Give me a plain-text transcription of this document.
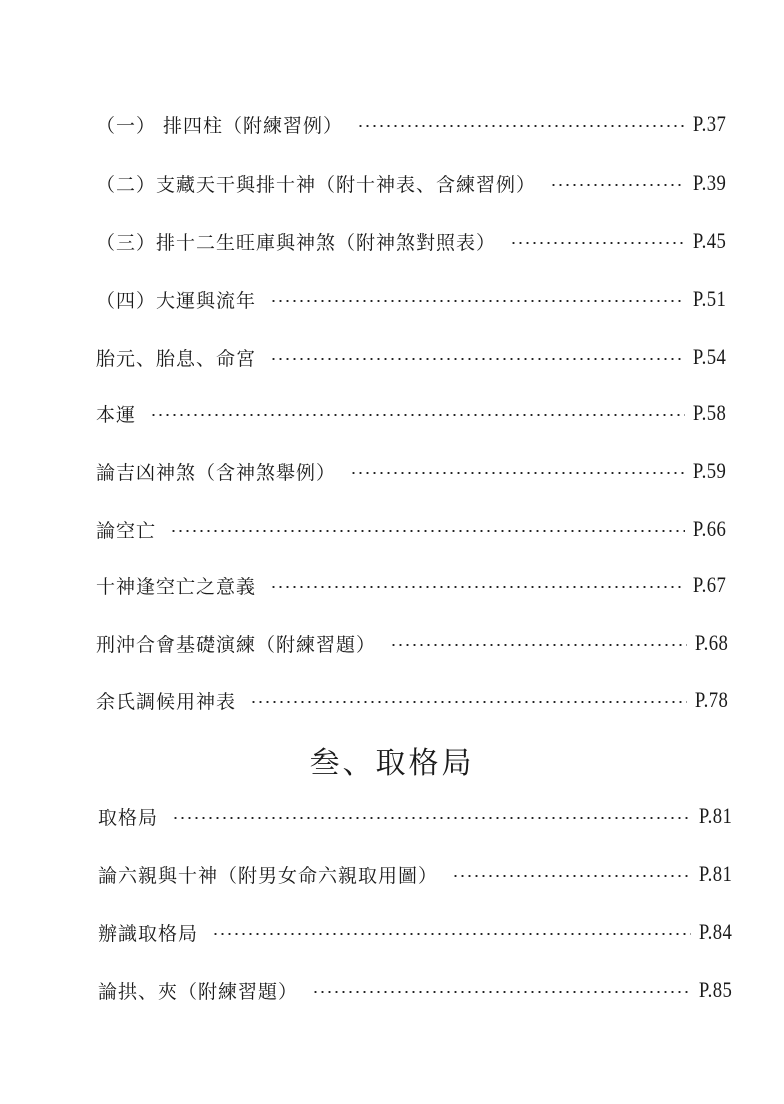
（一） 排四柱（附練習例）	P.37
（二）支藏天干與排十神（附十神表、含練習例）	P.39
（三）排十二生旺庫與神煞（附神煞對照表）	P.45
（四）大運與流年	P.51
胎元、胎息、命宮	P.54
本運	P.58
論吉凶神煞（含神煞舉例）	P.59
論空亡	P.66
十神逢空亡之意義	P.67
刑沖合會基礎演練（附練習題）	P.68
余氏調候用神表	P.78
叁、取格局
取格局	P.81
論六親與十神（附男女命六親取用圖）	P.81
辦識取格局	P.84
論拱、夾（附練習題）	P.85
